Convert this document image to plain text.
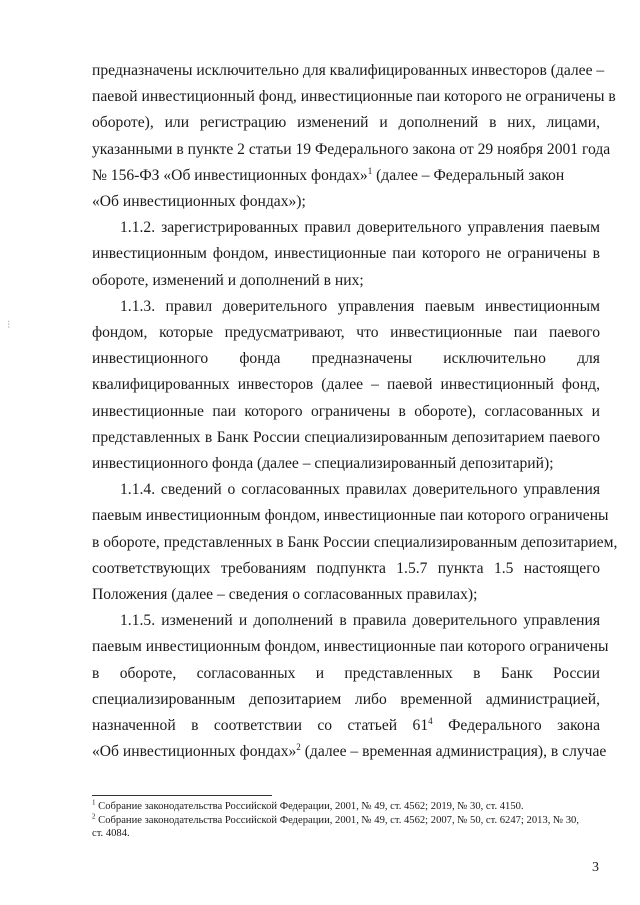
⁝
предназначены исключительно для квалифицированных инвесторов (далее –
паевой инвестиционный фонд, инвестиционные паи которого не ограничены в
обороте), или регистрацию изменений и дополнений в них, лицами,
указанными в пункте 2 статьи 19 Федерального закона от 29 ноября 2001 года
№ 156-ФЗ «Об инвестиционных фондах»$^1$ (далее – Федеральный закон
«Об инвестиционных фондах»);
1.1.2. зарегистрированных правил доверительного управления паевым
инвестиционным фондом, инвестиционные паи которого не ограничены в
обороте, изменений и дополнений в них;
1.1.3. правил доверительного управления паевым инвестиционным
фондом, которые предусматривают, что инвестиционные паи паевого
инвестиционного фонда предназначены исключительно для
квалифицированных инвесторов (далее – паевой инвестиционный фонд,
инвестиционные паи которого ограничены в обороте), согласованных и
представленных в Банк России специализированным депозитарием паевого
инвестиционного фонда (далее – специализированный депозитарий);
1.1.4. сведений о согласованных правилах доверительного управления
паевым инвестиционным фондом, инвестиционные паи которого ограничены
в обороте, представленных в Банк России специализированным депозитарием,
соответствующих требованиям подпункта 1.5.7 пункта 1.5 настоящего
Положения (далее – сведения о согласованных правилах);
1.1.5. изменений и дополнений в правила доверительного управления
паевым инвестиционным фондом, инвестиционные паи которого ограничены
в обороте, согласованных и представленных в Банк России
специализированным депозитарием либо временной администрацией,
назначенной в соответствии со статьей $61^4$ Федерального закона
«Об инвестиционных фондах»$^2$ (далее – временная администрация), в случае
$^1$ Собрание законодательства Российской Федерации, 2001, № 49, ст. 4562; 2019, № 30, ст. 4150.
$^2$ Собрание законодательства Российской Федерации, 2001, № 49, ст. 4562; 2007, № 50, ст. 6247; 2013, № 30,
ст. 4084.
3
